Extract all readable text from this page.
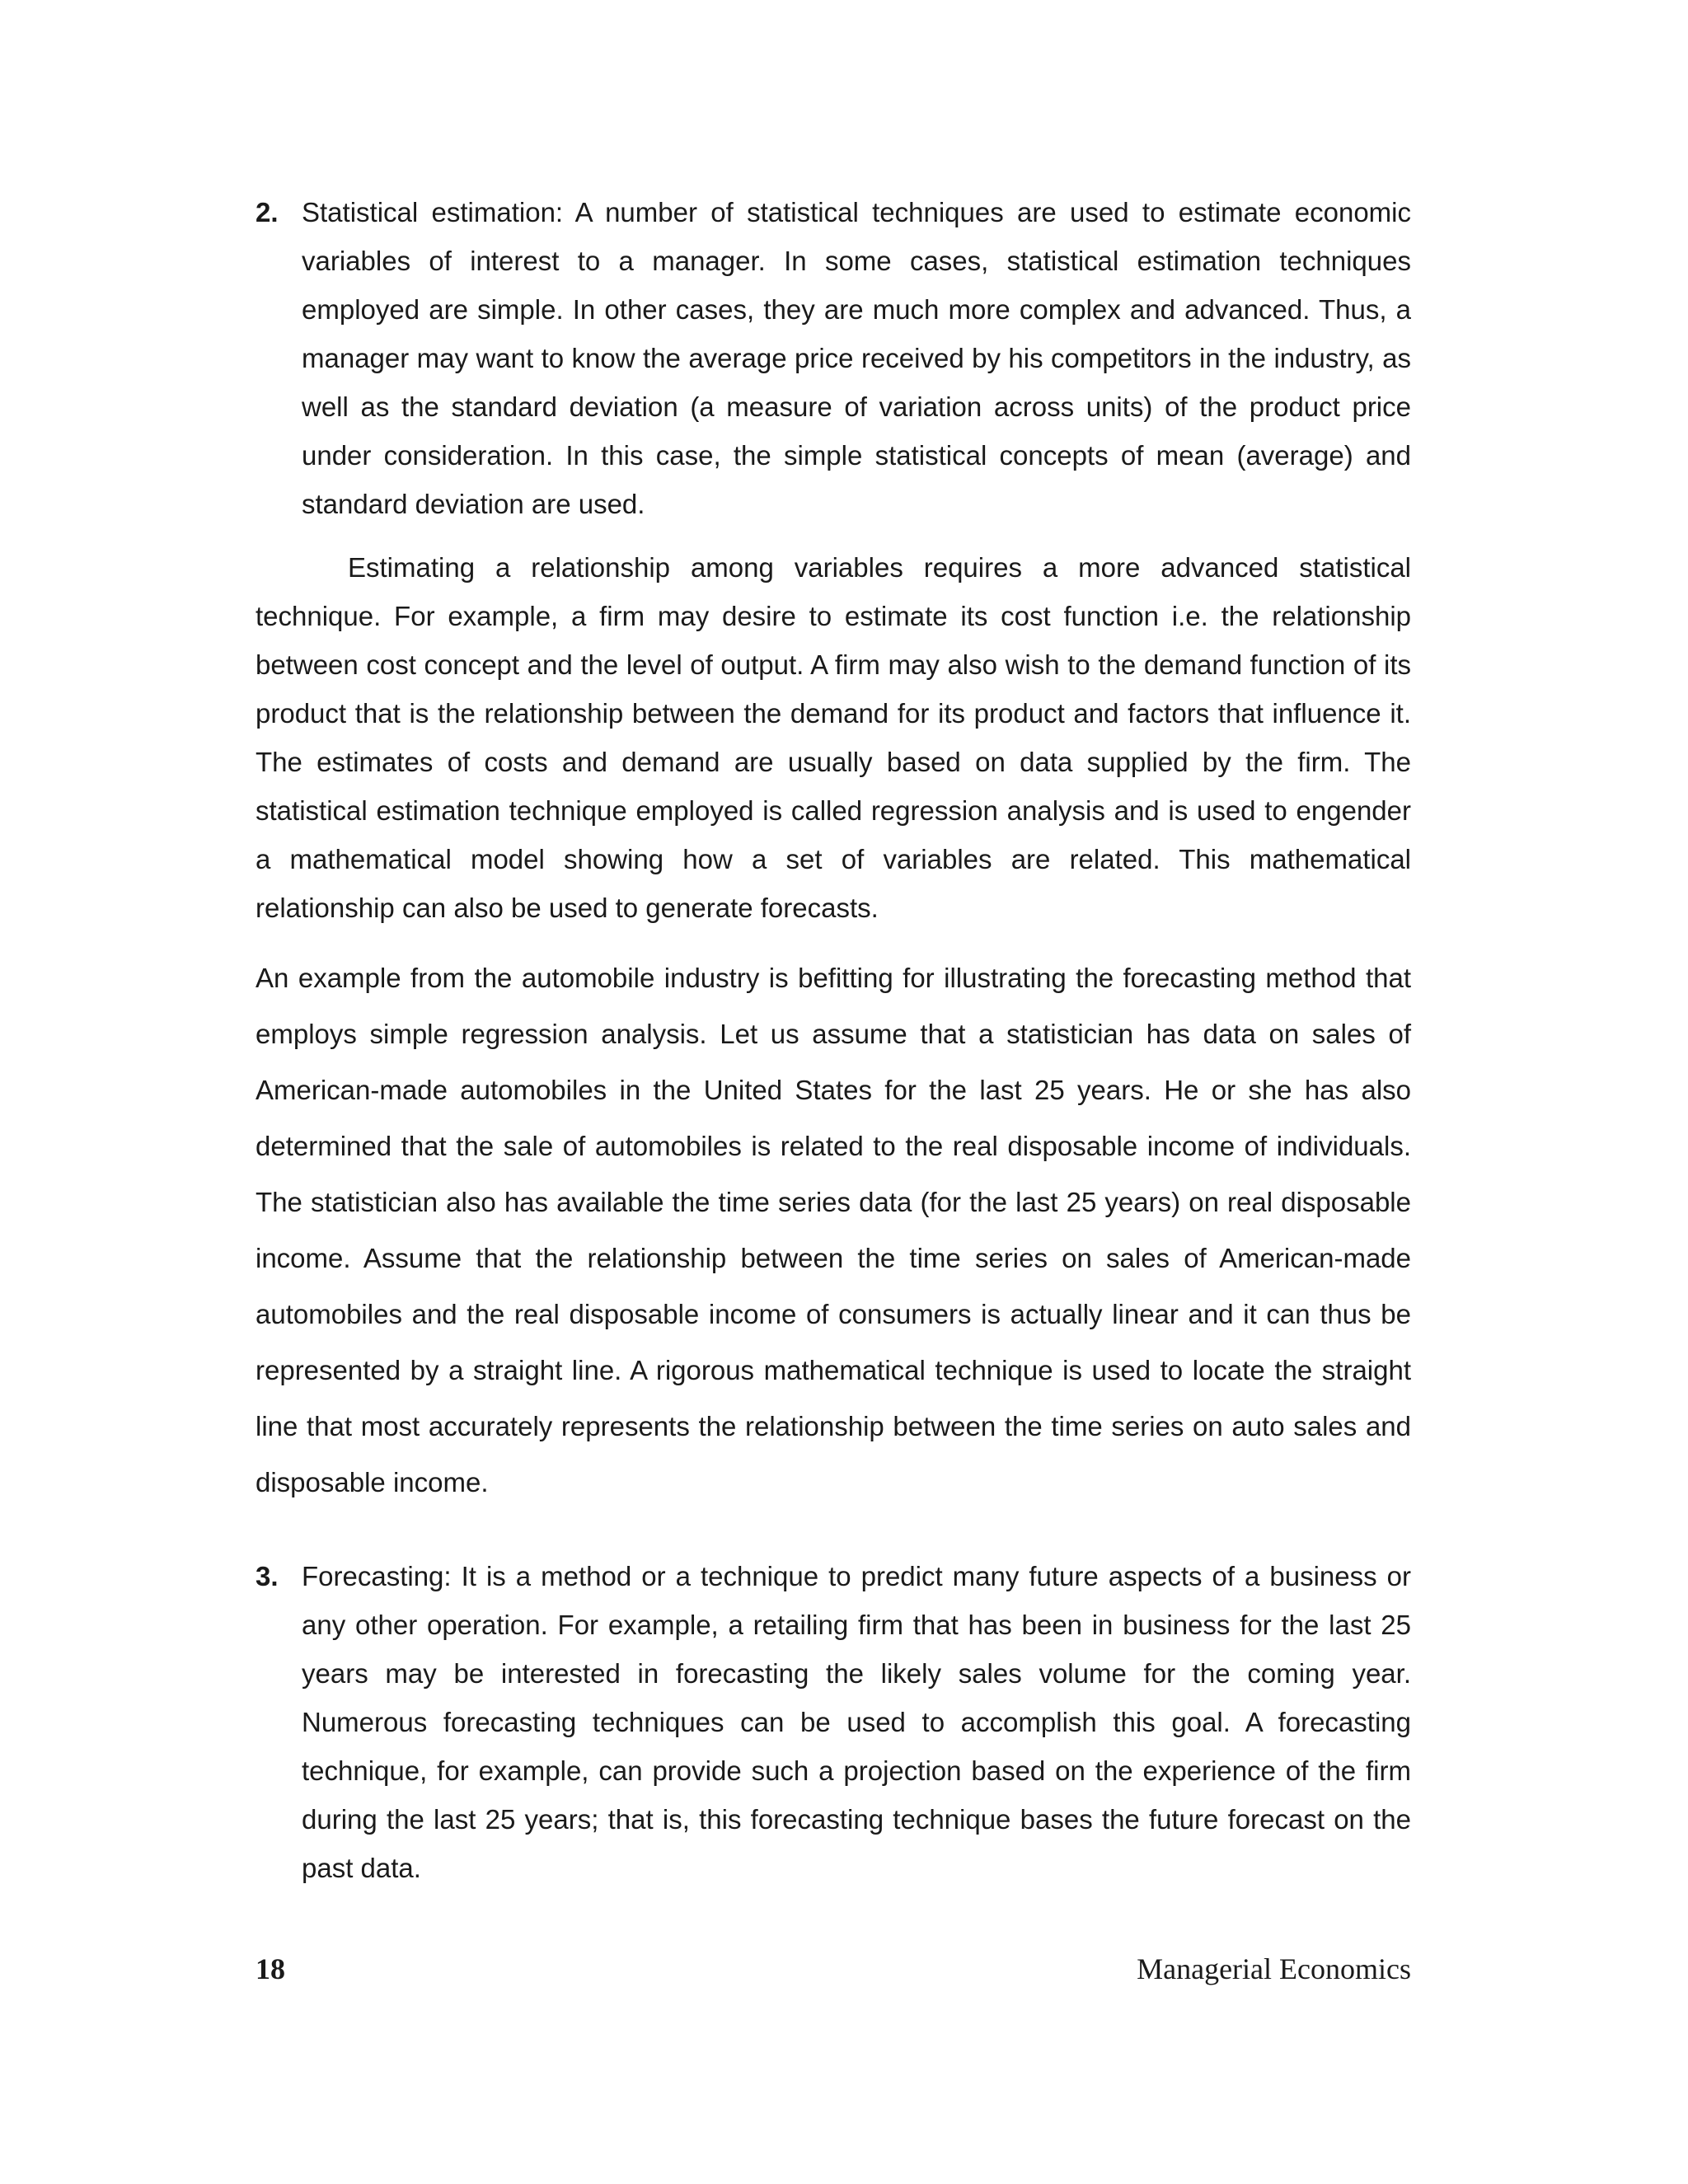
2. Statistical estimation: A number of statistical techniques are used to estimate economic variables of interest to a manager. In some cases, statistical estimation techniques employed are simple. In other cases, they are much more complex and advanced. Thus, a manager may want to know the average price received by his competitors in the industry, as well as the standard deviation (a measure of variation across units) of the product price under consideration. In this case, the simple statistical concepts of mean (average) and standard deviation are used.

Estimating a relationship among variables requires a more advanced statistical technique. For example, a firm may desire to estimate its cost function i.e. the relationship between cost concept and the level of output. A firm may also wish to the demand function of its product that is the relationship between the demand for its product and factors that influence it. The estimates of costs and demand are usually based on data supplied by the firm. The statistical estimation technique employed is called regression analysis and is used to engender a mathematical model showing how a set of variables are related. This mathematical relationship can also be used to generate forecasts.

An example from the automobile industry is befitting for illustrating the forecasting method that employs simple regression analysis. Let us assume that a statistician has data on sales of American-made automobiles in the United States for the last 25 years. He or she has also determined that the sale of automobiles is related to the real disposable income of individuals. The statistician also has available the time series data (for the last 25 years) on real disposable income. Assume that the relationship between the time series on sales of American-made automobiles and the real disposable income of consumers is actually linear and it can thus be represented by a straight line. A rigorous mathematical technique is used to locate the straight line that most accurately represents the relationship between the time series on auto sales and disposable income.

3. Forecasting: It is a method or a technique to predict many future aspects of a business or any other operation. For example, a retailing firm that has been in business for the last 25 years may be interested in forecasting the likely sales volume for the coming year. Numerous forecasting techniques can be used to accomplish this goal. A forecasting technique, for example, can provide such a projection based on the experience of the firm during the last 25 years; that is, this forecasting technique bases the future forecast on the past data.
18	Managerial Economics
